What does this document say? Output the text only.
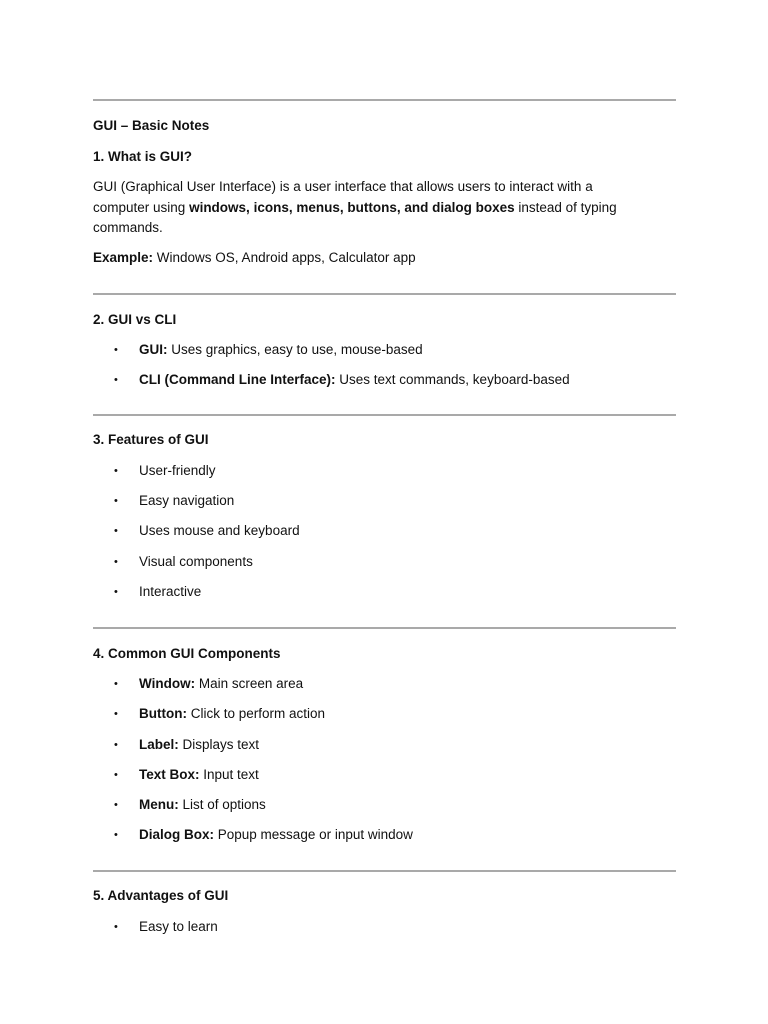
GUI – Basic Notes
1. What is GUI?
GUI (Graphical User Interface) is a user interface that allows users to interact with a
computer using windows, icons, menus, buttons, and dialog boxes instead of typing
commands.
Example: Windows OS, Android apps, Calculator app
2. GUI vs CLI
•	GUI: Uses graphics, easy to use, mouse-based
•	CLI (Command Line Interface): Uses text commands, keyboard-based
3. Features of GUI
•	User-friendly
•	Easy navigation
•	Uses mouse and keyboard
•	Visual components
•	Interactive
4. Common GUI Components
•	Window: Main screen area
•	Button: Click to perform action
•	Label: Displays text
•	Text Box: Input text
•	Menu: List of options
•	Dialog Box: Popup message or input window
5. Advantages of GUI
•	Easy to learn
